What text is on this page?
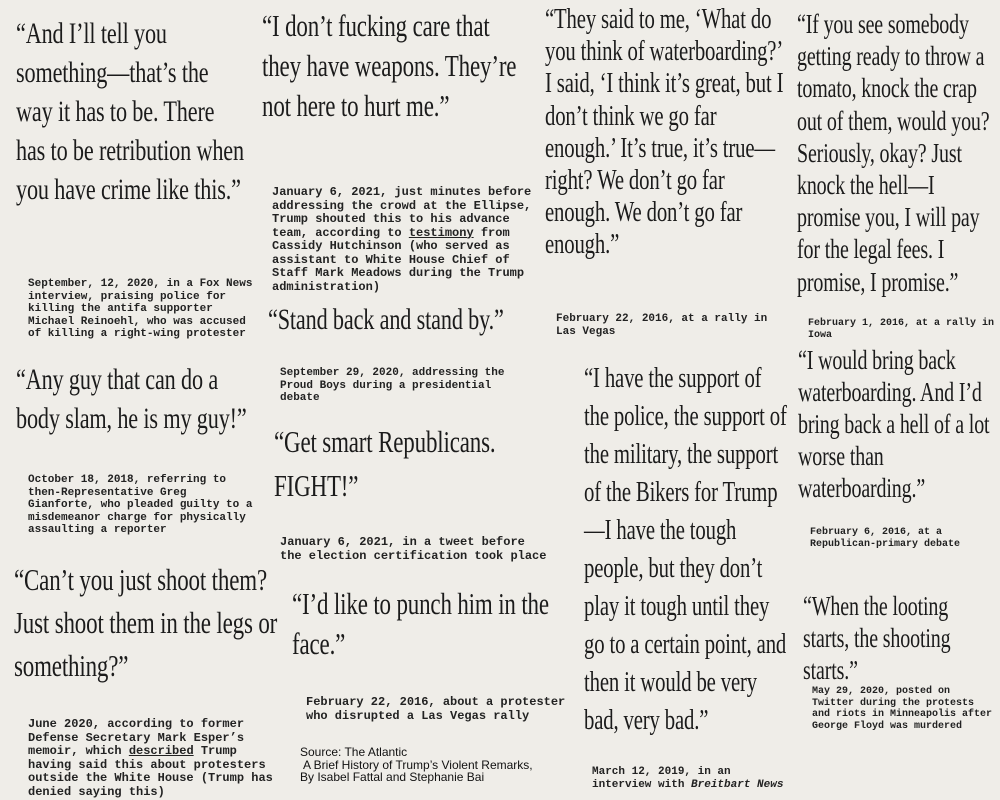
“And I’ll tell you something—that’s the way it has to be. There has to be retribution when you have crime like this.”
September, 12, 2020, in a Fox News interview, praising police for killing the antifa supporter Michael Reinoehl, who was accused of killing a right-wing protester
“Any guy that can do a body slam, he is my guy!”
October 18, 2018, referring to then-Representative Greg Gianforte, who pleaded guilty to a misdemeanor charge for physically assaulting a reporter
“Can’t you just shoot them? Just shoot them in the legs or something?”
June 2020, according to former Defense Secretary Mark Esper’s memoir, which described Trump having said this about protesters outside the White House (Trump has denied saying this)
“I don’t fucking care that they have weapons. They’re not here to hurt me.”
January 6, 2021, just minutes before addressing the crowd at the Ellipse, Trump shouted this to his advance team, according to testimony from Cassidy Hutchinson (who served as assistant to White House Chief of Staff Mark Meadows during the Trump administration)
“Stand back and stand by.”
September 29, 2020, addressing the Proud Boys during a presidential debate
“Get smart Republicans. FIGHT!”
January 6, 2021, in a tweet before the election certification took place
“I’d like to punch him in the face.”
February 22, 2016, about a protester who disrupted a Las Vegas rally
Source: The Atlantic
A Brief History of Trump’s Violent Remarks,
By Isabel Fattal and Stephanie Bai
“They said to me, ‘What do you think of waterboarding?’ I said, ‘I think it’s great, but I don’t think we go far enough.’ It’s true, it’s true—right? We don’t go far enough. We don’t go far enough.”
February 22, 2016, at a rally in Las Vegas
“I have the support of the police, the support of the military, the support of the Bikers for Trump—I have the tough people, but they don’t play it tough until they go to a certain point, and then it would be very bad, very bad.”
March 12, 2019, in an interview with Breitbart News
“If you see somebody getting ready to throw a tomato, knock the crap out of them, would you? Seriously, okay? Just knock the hell—I promise you, I will pay for the legal fees. I promise, I promise.”
February 1, 2016, at a rally in Iowa
“I would bring back waterboarding. And I’d bring back a hell of a lot worse than waterboarding.”
February 6, 2016, at a Republican-primary debate
“When the looting starts, the shooting starts.”
May 29, 2020, posted on Twitter during the protests and riots in Minneapolis after George Floyd was murdered
